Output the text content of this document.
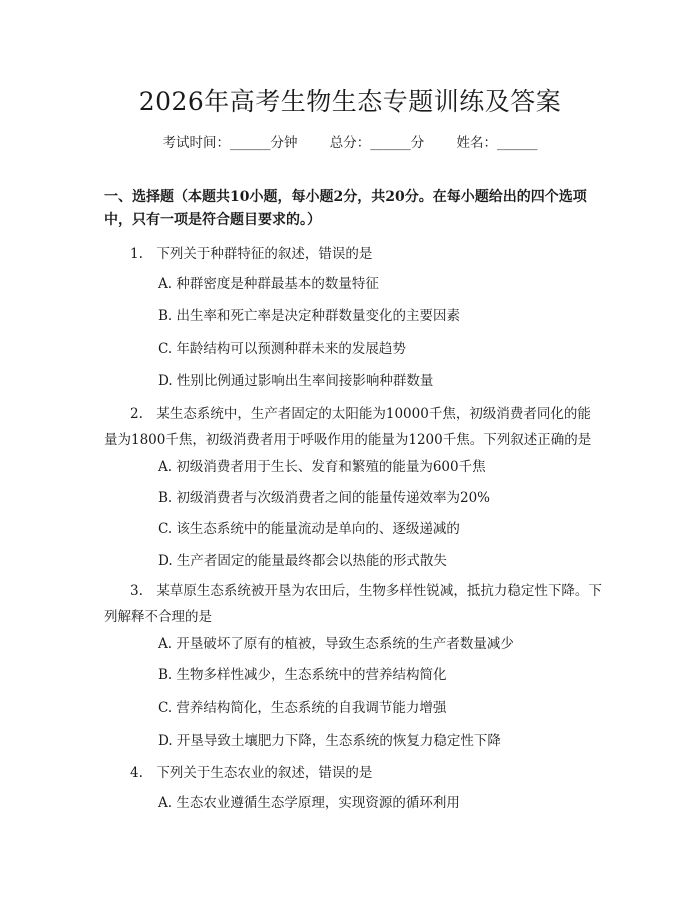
2026年高考生物生态专题训练及答案
考试时间：______分钟 总分：______分 姓名：______
一、选择题（本题共10小题，每小题2分，共20分。在每小题给出的四个选项中，只有一项是符合题目要求的。）
1.　下列关于种群特征的叙述，错误的是
A. 种群密度是种群最基本的数量特征
B. 出生率和死亡率是决定种群数量变化的主要因素
C. 年龄结构可以预测种群未来的发展趋势
D. 性别比例通过影响出生率间接影响种群数量
2.　某生态系统中，生产者固定的太阳能为10000千焦，初级消费者同化的能量为1800千焦，初级消费者用于呼吸作用的能量为1200千焦。下列叙述正确的是
A. 初级消费者用于生长、发育和繁殖的能量为600千焦
B. 初级消费者与次级消费者之间的能量传递效率为20%
C. 该生态系统中的能量流动是单向的、逐级递减的
D. 生产者固定的能量最终都会以热能的形式散失
3.　某草原生态系统被开垦为农田后，生物多样性锐减，抵抗力稳定性下降。下列解释不合理的是
A. 开垦破坏了原有的植被，导致生态系统的生产者数量减少
B. 生物多样性减少，生态系统中的营养结构简化
C. 营养结构简化，生态系统的自我调节能力增强
D. 开垦导致土壤肥力下降，生态系统的恢复力稳定性下降
4.　下列关于生态农业的叙述，错误的是
A. 生态农业遵循生态学原理，实现资源的循环利用
